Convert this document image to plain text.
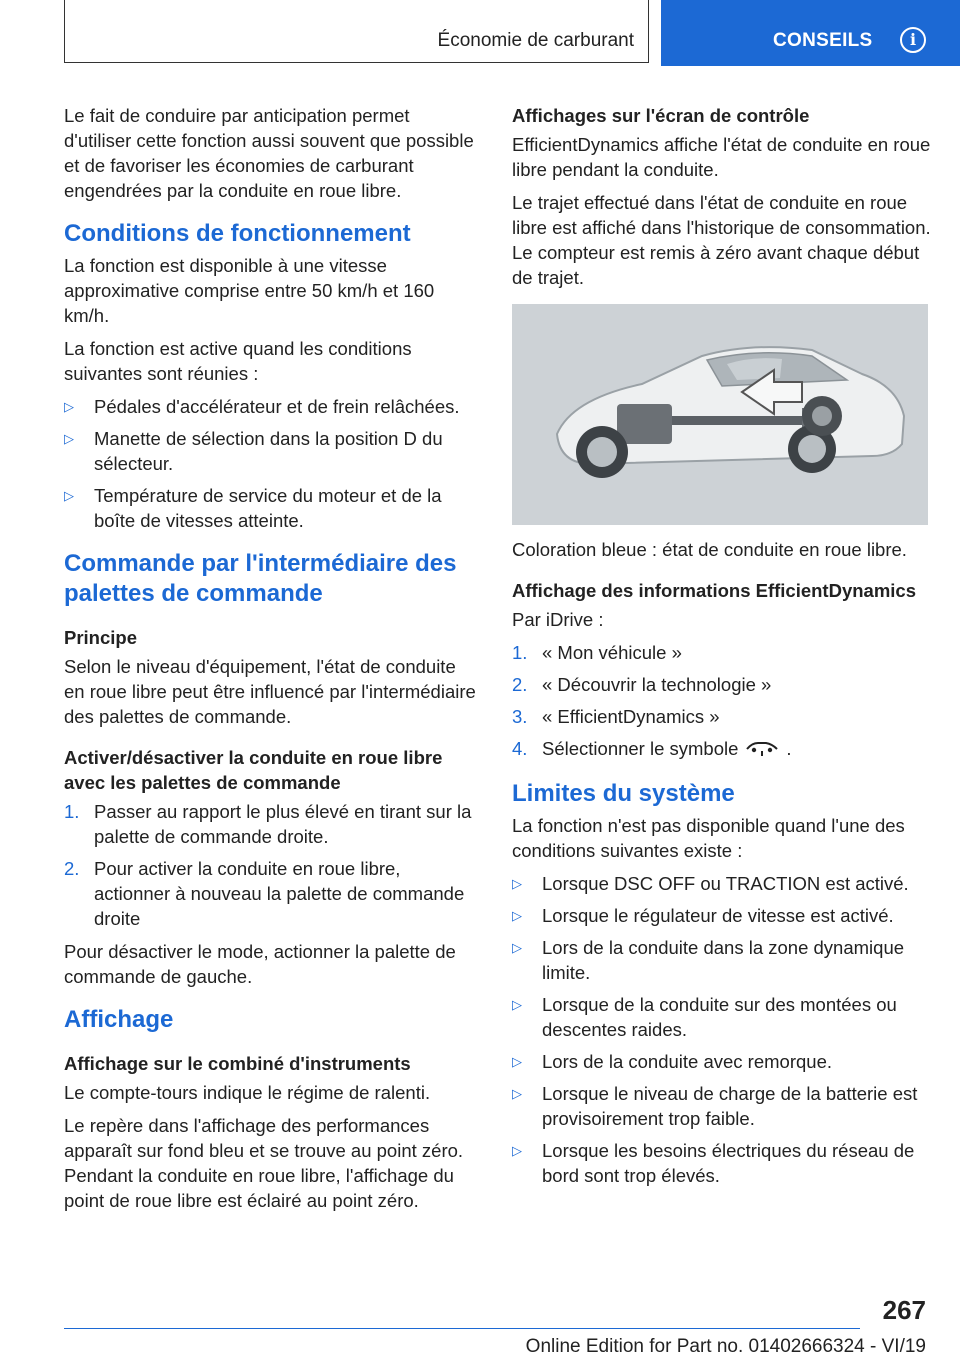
Économie de carburant	CONSEILS	i

Le fait de conduire par anticipation permet d'utiliser cette fonction aussi souvent que possible et de favoriser les économies de carburant engendrées par la conduite en roue libre.

Conditions de fonctionnement

La fonction est disponible à une vitesse approximative comprise entre 50 km/h et 160 km/h.

La fonction est active quand les conditions suivantes sont réunies :

▷ Pédales d'accélérateur et de frein relâchées.
▷ Manette de sélection dans la position D du sélecteur.
▷ Température de service du moteur et de la boîte de vitesses atteinte.
Commande par l'intermédiaire des palettes de commande
Principe

Selon le niveau d'équipement, l'état de conduite en roue libre peut être influencé par l'intermédiaire des palettes de commande.

Activer/désactiver la conduite en roue libre avec les palettes de commande
1. Passer au rapport le plus élevé en tirant sur la palette de commande droite.
2. Pour activer la conduite en roue libre, actionner à nouveau la palette de commande droite

Pour désactiver le mode, actionner la palette de commande de gauche.

Affichage
Affichage sur le combiné d'instruments

Le compte-tours indique le régime de ralenti.

Le repère dans l'affichage des performances apparaît sur fond bleu et se trouve au point zéro. Pendant la conduite en roue libre, l'affichage du point de roue libre est éclairé au point zéro.

Affichages sur l'écran de contrôle

EfficientDynamics affiche l'état de conduite en roue libre pendant la conduite.

Le trajet effectué dans l'état de conduite en roue libre est affiché dans l'historique de consommation. Le compteur est remis à zéro avant chaque début de trajet.

Coloration bleue : état de conduite en roue libre.

Affichage des informations EfficientDynamics

Par iDrive :

1. « Mon véhicule »
2. « Découvrir la technologie »
3. « EfficientDynamics »
4. Sélectionner le symbole	.
Limites du système

La fonction n'est pas disponible quand l'une des conditions suivantes existe :

▷ Lorsque DSC OFF ou TRACTION est activé.
▷ Lorsque le régulateur de vitesse est activé.
▷ Lors de la conduite dans la zone dynamique limite.
▷ Lorsque de la conduite sur des montées ou descentes raides.
▷ Lors de la conduite avec remorque.
▷ Lorsque le niveau de charge de la batterie est provisoirement trop faible.
▷ Lorsque les besoins électriques du réseau de bord sont trop élevés.
267
Online Edition for Part no. 01402666324 - VI/19
